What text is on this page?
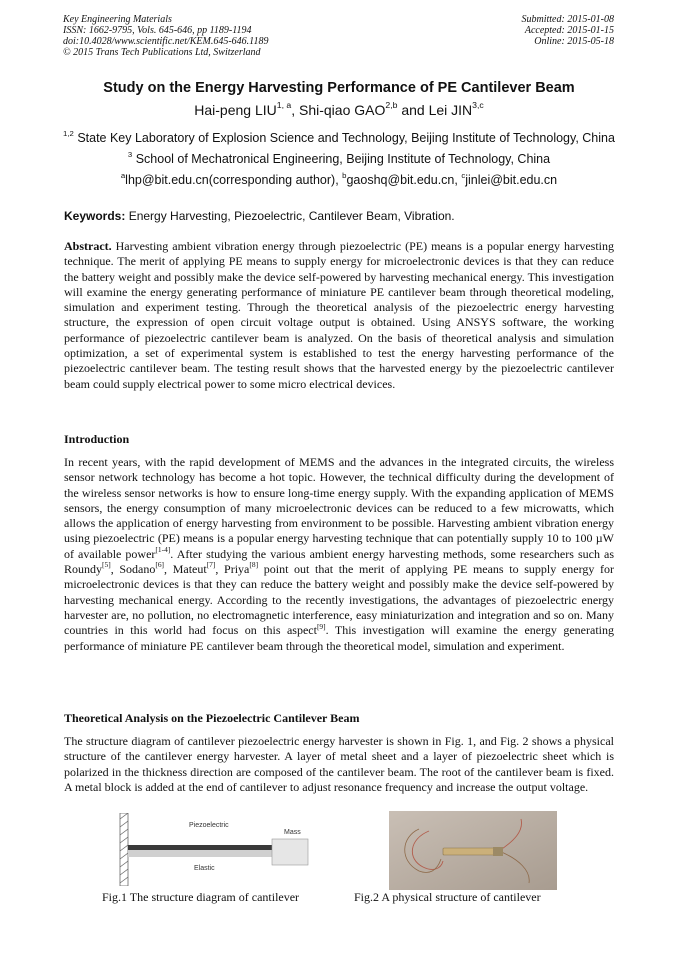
Key Engineering Materials
ISSN: 1662-9795, Vols. 645-646, pp 1189-1194
doi:10.4028/www.scientific.net/KEM.645-646.1189
© 2015 Trans Tech Publications Ltd, Switzerland
Submitted: 2015-01-08
Accepted: 2015-01-15
Online: 2015-05-18
Study on the Energy Harvesting Performance of PE Cantilever Beam
Hai-peng LIU$^{1, a}$, Shi-qiao GAO$^{2,b}$ and Lei JIN$^{3,c}$
$^{1,2}$ State Key Laboratory of Explosion Science and Technology, Beijing Institute of Technology, China
$^3$ School of Mechatronical Engineering, Beijing Institute of Technology, China
$^a$lhp@bit.edu.cn(corresponding author), $^b$gaoshq@bit.edu.cn, $^c$jinlei@bit.edu.cn
Keywords: Energy Harvesting, Piezoelectric, Cantilever Beam, Vibration.

Abstract. Harvesting ambient vibration energy through piezoelectric (PE) means is a popular energy harvesting technique. The merit of applying PE means to supply energy for microelectronic devices is that they can reduce the battery weight and possibly make the device self-powered by harvesting mechanical energy. This investigation will examine the energy generating performance of miniature PE cantilever beam through theoretical modeling, simulation and experiment testing. Through the theoretical analysis of the piezoelectric energy harvesting structure, the expression of open circuit voltage output is obtained. Using ANSYS software, the working performance of piezoelectric cantilever beam is analyzed. On the basis of theoretical analysis and simulation optimization, a set of experimental system is established to test the energy harvesting performance of the piezoelectric cantilever beam. The testing result shows that the harvested energy by the piezoelectric cantilever beam could supply electrical power to some micro electrical devices.

Introduction

In recent years, with the rapid development of MEMS and the advances in the integrated circuits, the wireless sensor network technology has become a hot topic. However, the technical difficulty during the development of the wireless sensor networks is how to ensure long-time energy supply. With the expanding application of MEMS sensors, the energy consumption of many microelectronic devices can be reduced to a few microwatts, which allows the application of energy harvesting from environment to be possible. Harvesting ambient vibration energy using piezoelectric (PE) means is a popular energy harvesting technique that can potentially supply 10 to 100 µW of available power[1-4]. After studying the various ambient energy harvesting methods, some researchers such as Roundy[5], Sodano[6], Mateut[7], Priya[8] point out that the merit of applying PE means to supply energy for microelectronic devices is that they can reduce the battery weight and possibly make the device self-powered by harvesting mechanical energy. According to the recently investigations, the advantages of piezoelectric energy harvester are, no pollution, no electromagnetic interference, easy miniaturization and integration and so on. Many countries in this world had focus on this aspect[9]. This investigation will examine the energy generating performance of miniature PE cantilever beam through the theoretical model, simulation and experiment.

Theoretical Analysis on the Piezoelectric Cantilever Beam

The structure diagram of cantilever piezoelectric energy harvester is shown in Fig. 1, and Fig. 2 shows a physical structure of the cantilever energy harvester. A layer of metal sheet and a layer of piezoelectric sheet which is polarized in the thickness direction are composed of the cantilever beam. The root of the cantilever beam is fixed. A metal block is added at the end of cantilever to adjust resonance frequency and increase the output voltage.

Piezoelectric
Mass
Elastic
Fig.1 The structure diagram of cantilever	Fig.2 A physical structure of cantilever
